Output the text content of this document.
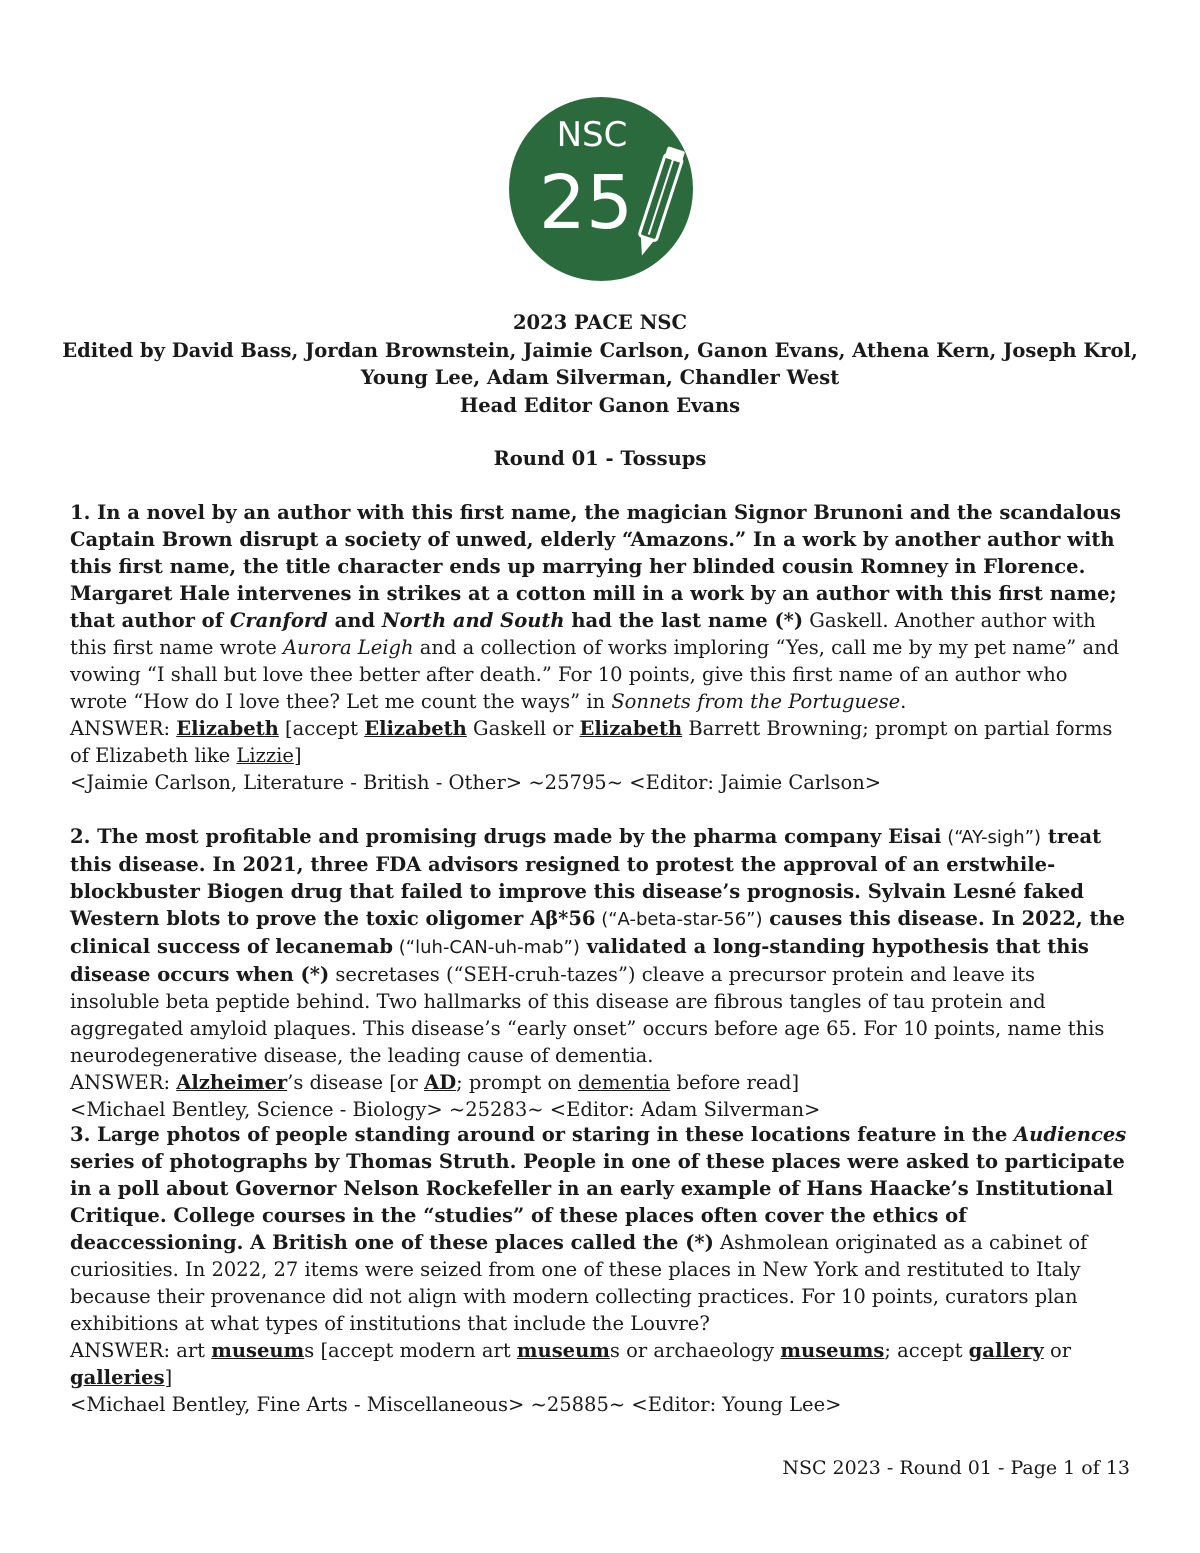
NSC
25
2023 PACE NSC
Edited by David Bass, Jordan Brownstein, Jaimie Carlson, Ganon Evans, Athena Kern, Joseph Krol,
Young Lee, Adam Silverman, Chandler West
Head Editor Ganon Evans
Round 01 - Tossups

1. In a novel by an author with this first name, the magician Signor Brunoni and the scandalous Captain Brown disrupt a society of unwed, elderly “Amazons.” In a work by another author with this first name, the title character ends up marrying her blinded cousin Romney in Florence. Margaret Hale intervenes in strikes at a cotton mill in a work by an author with this first name; that author of Cranford and North and South had the last name (*) Gaskell. Another author with this first name wrote Aurora Leigh and a collection of works imploring “Yes, call me by my pet name” and vowing “I shall but love thee better after death.” For 10 points, give this first name of an author who wrote “How do I love thee? Let me count the ways” in Sonnets from the Portuguese.

ANSWER: Elizabeth [accept Elizabeth Gaskell or Elizabeth Barrett Browning; prompt on partial forms of Elizabeth like Lizzie]

<Jaimie Carlson, Literature - British - Other> ~25795~ <Editor: Jaimie Carlson>

2. The most profitable and promising drugs made by the pharma company Eisai (“AY-sigh”) treat this disease. In 2021, three FDA advisors resigned to protest the approval of an erstwhile-blockbuster Biogen drug that failed to improve this disease’s prognosis. Sylvain Lesné faked Western blots to prove the toxic oligomer Aβ*56 (“A-beta-star-56”) causes this disease. In 2022, the clinical success of lecanemab (“luh-CAN-uh-mab”) validated a long-standing hypothesis that this disease occurs when (*) secretases (“SEH-cruh-tazes”) cleave a precursor protein and leave its insoluble beta peptide behind. Two hallmarks of this disease are fibrous tangles of tau protein and aggregated amyloid plaques. This disease’s “early onset” occurs before age 65. For 10 points, name this neurodegenerative disease, the leading cause of dementia.

ANSWER: Alzheimer’s disease [or AD; prompt on dementia before read]

<Michael Bentley, Science - Biology> ~25283~ <Editor: Adam Silverman>

3. Large photos of people standing around or staring in these locations feature in the Audiences series of photographs by Thomas Struth. People in one of these places were asked to participate in a poll about Governor Nelson Rockefeller in an early example of Hans Haacke’s Institutional Critique. College courses in the “studies” of these places often cover the ethics of deaccessioning. A British one of these places called the (*) Ashmolean originated as a cabinet of curiosities. In 2022, 27 items were seized from one of these places in New York and restituted to Italy because their provenance did not align with modern collecting practices. For 10 points, curators plan exhibitions at what types of institutions that include the Louvre?

ANSWER: art museums [accept modern art museums or archaeology museums; accept gallery or galleries]

<Michael Bentley, Fine Arts - Miscellaneous> ~25885~ <Editor: Young Lee>

NSC 2023 - Round 01 - Page 1 of 13
